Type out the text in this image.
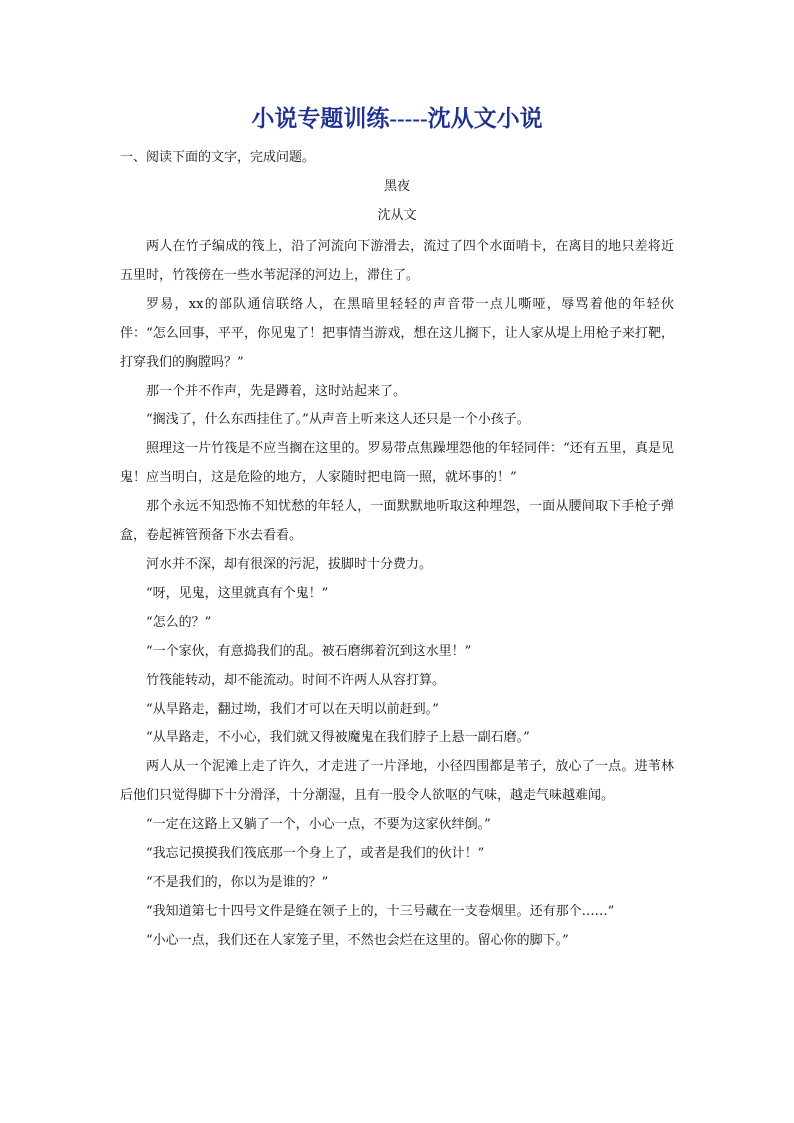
小说专题训练-----沈从文小说
一、阅读下面的文字，完成问题。
黑夜
沈从文

两人在竹子编成的筏上，沿了河流向下游滑去，流过了四个水面哨卡，在离目的地只差将近五里时，竹筏傍在一些水苇泥泽的河边上，滞住了。

罗易，xx的部队通信联络人，在黑暗里轻轻的声音带一点儿嘶哑，辱骂着他的年轻伙伴：“怎么回事，平平，你见鬼了！把事情当游戏，想在这儿搁下，让人家从堤上用枪子来打靶，打穿我们的胸膛吗？”

那一个并不作声，先是蹲着，这时站起来了。

“搁浅了，什么东西挂住了。”从声音上听来这人还只是一个小孩子。

照理这一片竹筏是不应当搁在这里的。罗易带点焦躁埋怨他的年轻同伴：“还有五里，真是见鬼！应当明白，这是危险的地方，人家随时把电筒一照，就坏事的！”

那个永远不知恐怖不知忧愁的年轻人，一面默默地听取这种埋怨，一面从腰间取下手枪子弹盒，卷起裤管预备下水去看看。

河水并不深，却有很深的污泥，拔脚时十分费力。

“呀，见鬼，这里就真有个鬼！”

“怎么的？”

“一个家伙，有意捣我们的乱。被石磨绑着沉到这水里！”

竹筏能转动，却不能流动。时间不许两人从容打算。

“从旱路走，翻过坳，我们才可以在天明以前赶到。”

“从旱路走，不小心，我们就又得被魔鬼在我们脖子上悬一副石磨。”

两人从一个泥滩上走了许久，才走进了一片泽地，小径四围都是苇子，放心了一点。进苇林后他们只觉得脚下十分滑泽，十分潮湿，且有一股令人欲呕的气味，越走气味越难闻。

“一定在这路上又躺了一个，小心一点，不要为这家伙绊倒。”

“我忘记摸摸我们筏底那一个身上了，或者是我们的伙计！”

“不是我们的，你以为是谁的？”

“我知道第七十四号文件是缝在领子上的，十三号藏在一支卷烟里。还有那个……”

“小心一点，我们还在人家笼子里，不然也会烂在这里的。留心你的脚下。”
